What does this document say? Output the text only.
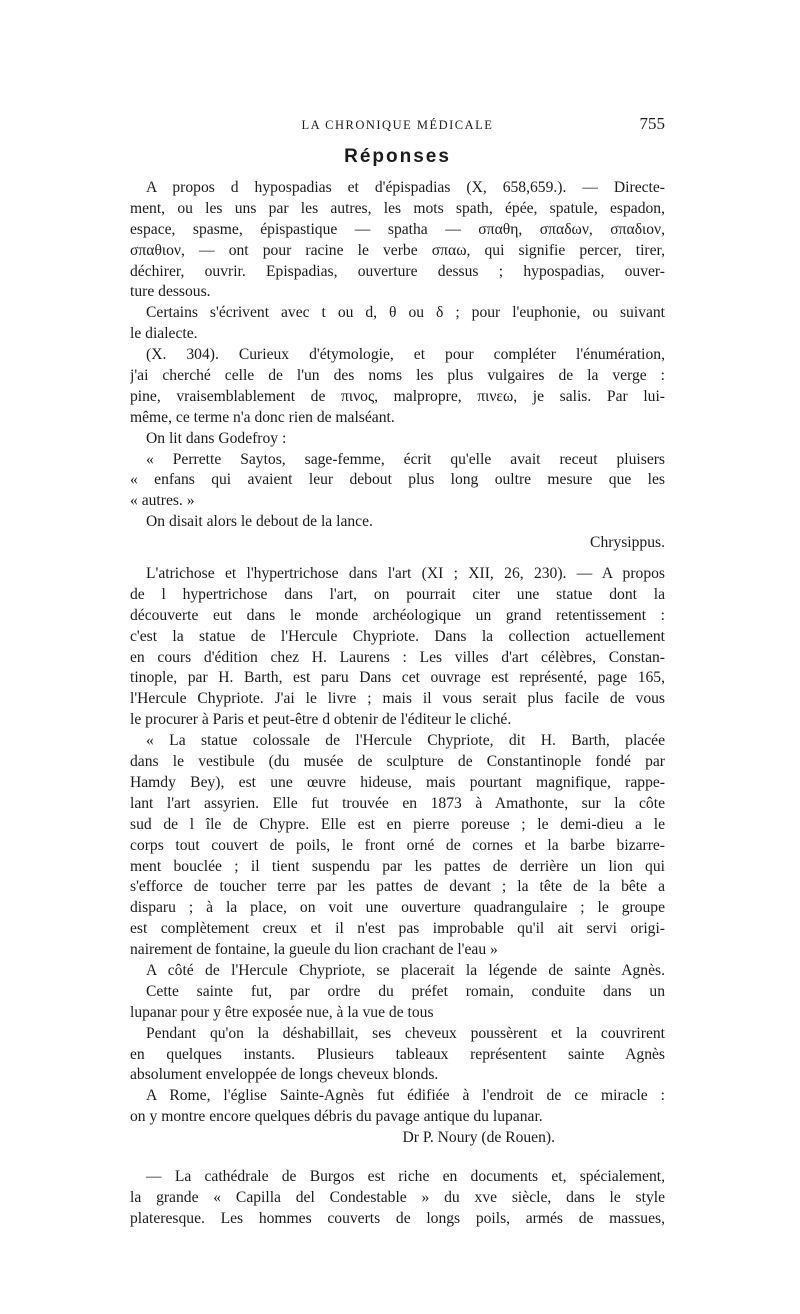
LA CHRONIQUE MÉDICALE	755
Réponses
A propos d hypospadias et d'épispadias (X, 658,659.). — Directe-
ment, ou les uns par les autres, les mots spath, épée, spatule, espadon,
espace, spasme, épispastique — spatha — σπαθη, σπαδων, σπαδιον,
σπαθιον, — ont pour racine le verbe σπαω, qui signifie percer, tirer,
déchirer, ouvrir. Epispadias, ouverture dessus ; hypospadias, ouver-
ture dessous.
Certains s'écrivent avec t ou d, θ ou δ ; pour l'euphonie, ou suivant
le dialecte.
(X. 304). Curieux d'étymologie, et pour compléter l'énumération,
j'ai cherché celle de l'un des noms les plus vulgaires de la verge :
pine, vraisemblablement de πινος, malpropre, πινεω, je salis. Par lui-
même, ce terme n'a donc rien de malséant.
On lit dans Godefroy :
« Perrette Saytos, sage-femme, écrit qu'elle avait receut pluisers
« enfans qui avaient leur debout plus long oultre mesure que les
« autres. »
On disait alors le debout de la lance.
Chrysippus.
L'atrichose et l'hypertrichose dans l'art (XI ; XII, 26, 230). — A propos
de l hypertrichose dans l'art, on pourrait citer une statue dont la
découverte eut dans le monde archéologique un grand retentissement :
c'est la statue de l'Hercule Chypriote. Dans la collection actuellement
en cours d'édition chez H. Laurens : Les villes d'art célèbres, Constan-
tinople, par H. Barth, est paru Dans cet ouvrage est représenté, page 165,
l'Hercule Chypriote. J'ai le livre ; mais il vous serait plus facile de vous
le procurer à Paris et peut-être d obtenir de l'éditeur le cliché.
« La statue colossale de l'Hercule Chypriote, dit H. Barth, placée
dans le vestibule (du musée de sculpture de Constantinople fondé par
Hamdy Bey), est une œuvre hideuse, mais pourtant magnifique, rappe-
lant l'art assyrien. Elle fut trouvée en 1873 à Amathonte, sur la côte
sud de l île de Chypre. Elle est en pierre poreuse ; le demi-dieu a le
corps tout couvert de poils, le front orné de cornes et la barbe bizarre-
ment bouclée ; il tient suspendu par les pattes de derrière un lion qui
s'efforce de toucher terre par les pattes de devant ; la tête de la bête a
disparu ; à la place, on voit une ouverture quadrangulaire ; le groupe
est complètement creux et il n'est pas improbable qu'il ait servi origi-
nairement de fontaine, la gueule du lion crachant de l'eau »
A côté de l'Hercule Chypriote, se placerait la légende de sainte Agnès.
Cette sainte fut, par ordre du préfet romain, conduite dans un
lupanar pour y être exposée nue, à la vue de tous
Pendant qu'on la déshabillait, ses cheveux poussèrent et la couvrirent
en quelques instants. Plusieurs tableaux représentent sainte Agnès
absolument enveloppée de longs cheveux blonds.
A Rome, l'église Sainte-Agnès fut édifiée à l'endroit de ce miracle :
on y montre encore quelques débris du pavage antique du lupanar.
Dr P. Noury (de Rouen).
— La cathédrale de Burgos est riche en documents et, spécialement,
la grande « Capilla del Condestable » du xve siècle, dans le style
plateresque. Les hommes couverts de longs poils, armés de massues,
